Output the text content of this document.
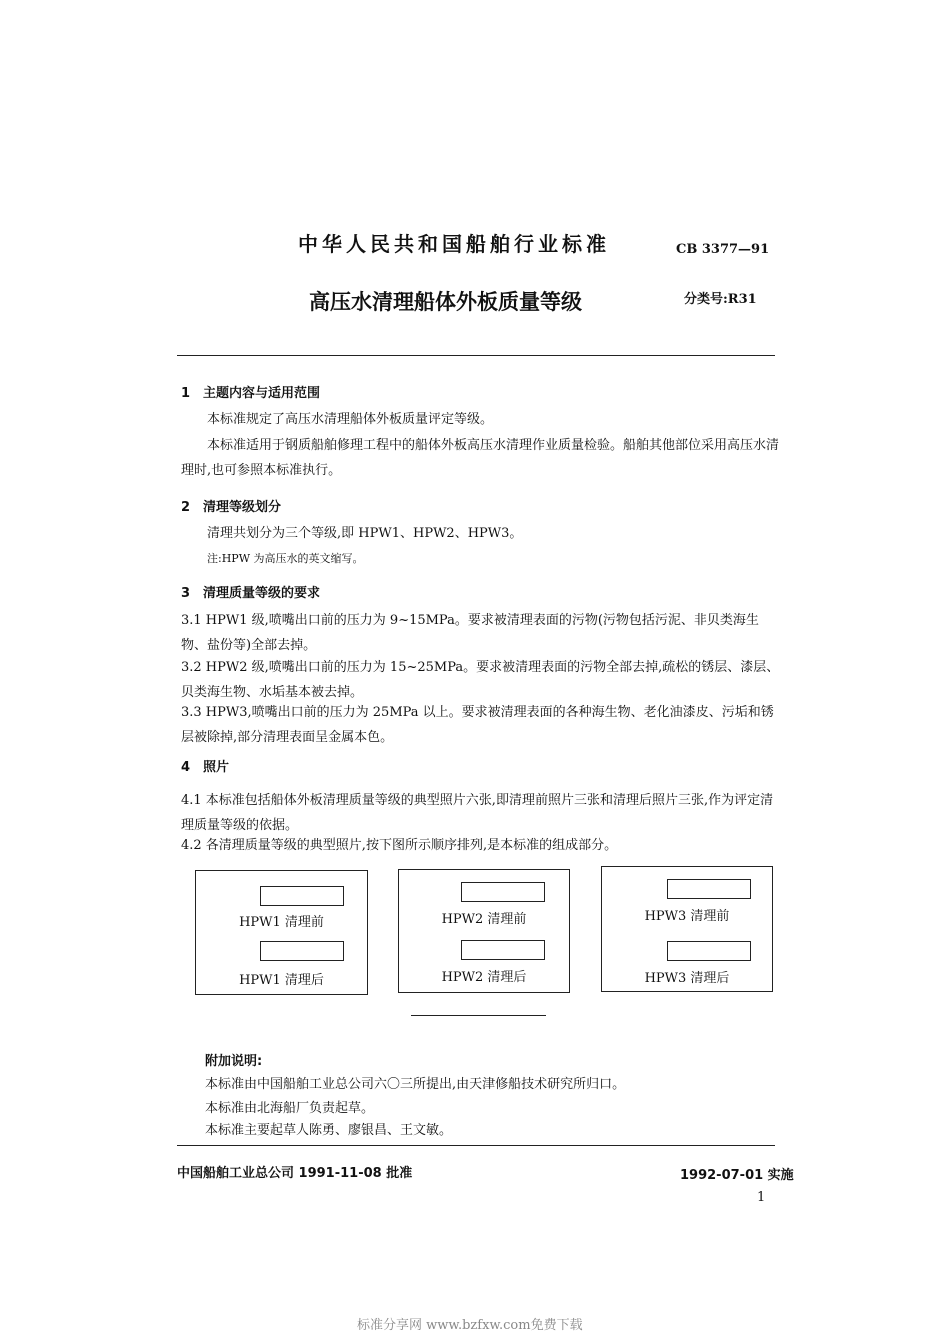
中华人民共和国船舶行业标准	CB 3377—91
高压水清理船体外板质量等级	分类号:R31
1 主题内容与适用范围
本标准规定了高压水清理船体外板质量评定等级。
本标准适用于钢质船舶修理工程中的船体外板高压水清理作业质量检验。船舶其他部位采用高压水清理时,也可参照本标准执行。
2 清理等级划分
清理共划分为三个等级,即 HPW1、HPW2、HPW3。
注:HPW 为高压水的英文缩写。
3 清理质量等级的要求
3.1 HPW1 级,喷嘴出口前的压力为 9~15MPa。要求被清理表面的污物(污物包括污泥、非贝类海生物、盐份等)全部去掉。
3.2 HPW2 级,喷嘴出口前的压力为 15~25MPa。要求被清理表面的污物全部去掉,疏松的锈层、漆层、贝类海生物、水垢基本被去掉。
3.3 HPW3,喷嘴出口前的压力为 25MPa 以上。要求被清理表面的各种海生物、老化油漆皮、污垢和锈层被除掉,部分清理表面呈金属本色。
4 照片
4.1 本标准包括船体外板清理质量等级的典型照片六张,即清理前照片三张和清理后照片三张,作为评定清理质量等级的依据。
4.2 各清理质量等级的典型照片,按下图所示顺序排列,是本标准的组成部分。
HPW1 清理前
HPW1 清理后
HPW2 清理前
HPW2 清理后
HPW3 清理前
HPW3 清理后
附加说明:
本标准由中国船舶工业总公司六〇三所提出,由天津修船技术研究所归口。
本标准由北海船厂负责起草。
本标准主要起草人陈勇、廖银昌、王文敏。
中国船舶工业总公司 1991-11-08 批准	1992-07-01 实施
1
标准分享网 www.bzfxw.com免费下载
